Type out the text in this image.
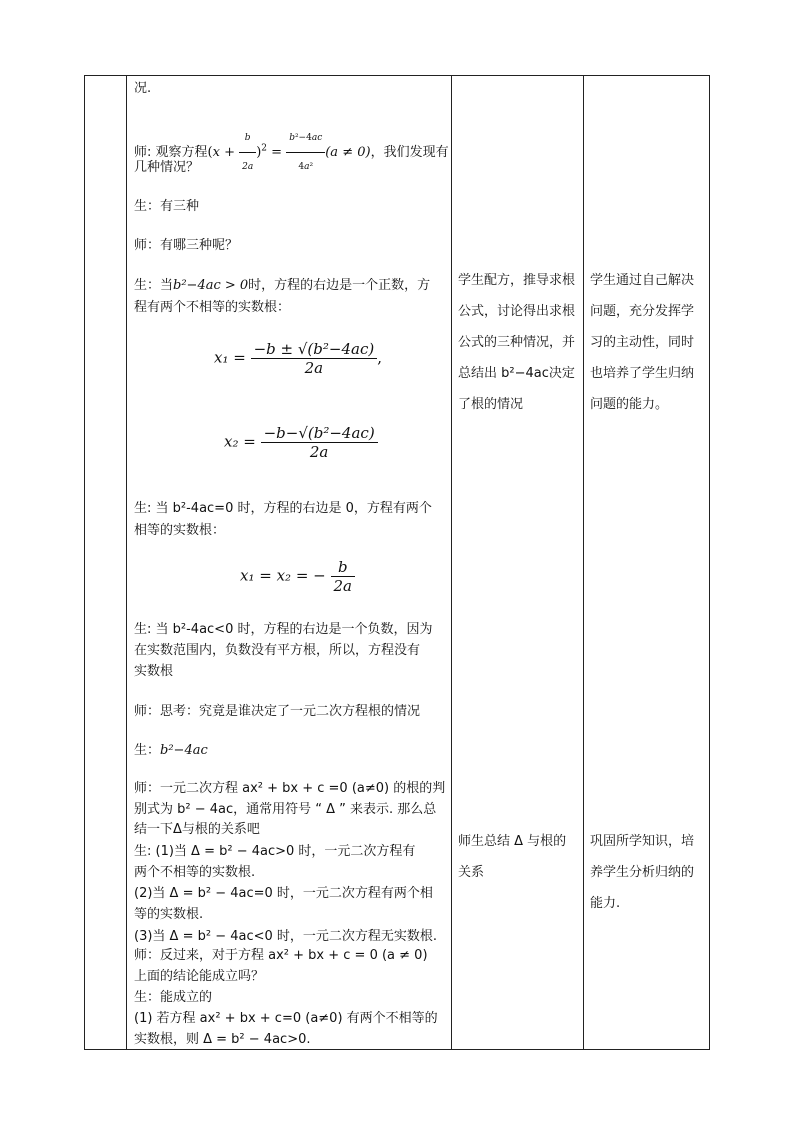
况.
师: 观察方程$(x + \frac{b}{2a} )^2 = \frac{\text{b²−4ac}}{\text{4a²}} (a \ne 0)$，我们发现有
几种情况？
生：有三种
师：有哪三种呢？
生：当b²−4ac > 0时，方程的右边是一个正数，方
程有两个不相等的实数根：
$x_1 = \frac{\text{−b ± √(b²−4ac)}}{2a}$ ,
$x_2 = \frac{\text{−b−√(b²−4ac)}}{2a}$
生: 当 b²-4ac=0 时，方程的右边是 0，方程有两个
相等的实数根：
x₁ = x₂ = − $\frac{b}{2a}$
生: 当 b²-4ac<0 时，方程的右边是一个负数，因为
在实数范围内，负数没有平方根，所以，方程没有
实数根
师：思考：究竟是谁决定了一元二次方程根的情况
生：b²−4ac
师：一元二次方程 ax² + bx + c =0 (a≠0) 的根的判
别式为 b² − 4ac，通常用符号 “ Δ ” 来表示. 那么总
结一下Δ与根的关系吧
生: (1)当 Δ = b² − 4ac>0 时，一元二次方程有
两个不相等的实数根.
(2)当 Δ = b² − 4ac=0 时，一元二次方程有两个相
等的实数根.
(3)当 Δ = b² − 4ac<0 时，一元二次方程无实数根.
师：反过来，对于方程 ax² + bx + c = 0 (a ≠ 0)
上面的结论能成立吗？
生：能成立的
(1) 若方程 ax² + bx + c=0 (a≠0) 有两个不相等的
实数根，则 Δ = b² − 4ac>0.
学生配方，推导求根公式，讨论得出求根公式的三种情况，并总结出 b²−4ac决定了根的情况
师生总结 Δ 与根的关系
学生通过自己解决问题，充分发挥学习的主动性，同时也培养了学生归纳问题的能力。
巩固所学知识，培养学生分析归纳的能力.
